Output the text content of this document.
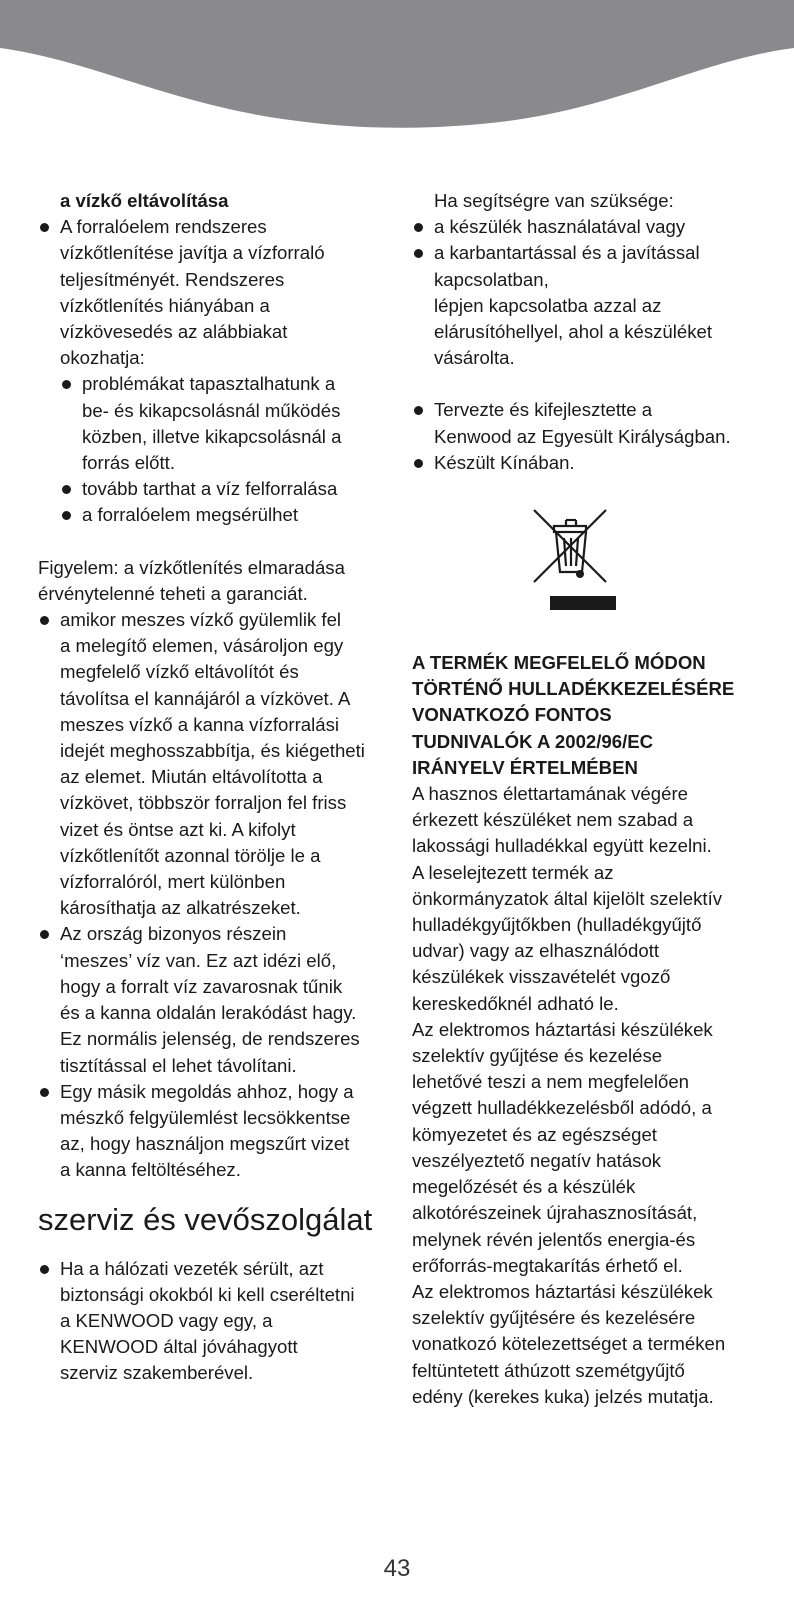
a vízkő eltávolítása

A forralóelem rendszeres
vízkőtlenítése javítja a vízforraló
teljesítményét. Rendszeres
vízkőtlenítés hiányában a
vízkövesedés az alábbiakat
okozhatja:
problémákat tapasztalhatunk a
be- és kikapcsolásnál működés
közben, illetve kikapcsolásnál a
forrás előtt.
tovább tarthat a víz felforralása
a forralóelem megsérülhet
Figyelem: a vízkőtlenítés elmaradása
érvénytelenné teheti a garanciát.
amikor meszes vízkő gyülemlik fel
a melegítő elemen, vásároljon egy
megfelelő vízkő eltávolítót és
távolítsa el kannájáról a vízkövet. A
meszes vízkő a kanna vízforralási
idejét meghosszabbítja, és kiégetheti
az elemet. Miután eltávolította a
vízkövet, többször forraljon fel friss
vizet és öntse azt ki. A kifolyt
vízkőtlenítőt azonnal törölje le a
vízforralóról, mert különben
károsíthatja az alkatrészeket.
Az ország bizonyos részein
‘meszes’ víz van. Ez azt idézi elő,
hogy a forralt víz zavarosnak tűnik
és a kanna oldalán lerakódást hagy.
Ez normális jelenség, de rendszeres
tisztítással el lehet távolítani.
Egy másik megoldás ahhoz, hogy a
mészkő felgyülemlést lecsökkentse
az, hogy használjon megszűrt vizet
a kanna feltöltéséhez.
szerviz és vevőszolgálat
Ha a hálózati vezeték sérült, azt
biztonsági okokból ki kell cseréltetni
a KENWOOD vagy egy, a
KENWOOD által jóváhagyott
szerviz szakemberével.

Ha segítségre van szüksége:

a készülék használatával vagy
a karbantartással és a javítással
kapcsolatban,
lépjen kapcsolatba azzal az
elárusítóhellyel, ahol a készüléket
vásárolta.
Tervezte és kifejlesztette a
Kenwood az Egyesült Királyságban.
Készült Kínában.
A TERMÉK MEGFELELŐ MÓDON
TÖRTÉNŐ HULLADÉKKEZELÉSÉRE
VONATKOZÓ FONTOS
TUDNIVALÓK A 2002/96/EC
IRÁNYELV ÉRTELMÉBEN
A hasznos élettartamának végére
érkezett készüléket nem szabad a
lakossági hulladékkal együtt kezelni.
A leselejtezett termék az
önkormányzatok által kijelölt szelektív
hulladékgyűjtőkben (hulladékgyűjtő
udvar) vagy az elhasználódott
készülékek visszavételét vgoző
kereskedőknél adható le.
Az elektromos háztartási készülékek
szelektív gyűjtése és kezelése
lehetővé teszi a nem megfelelően
végzett hulladékkezelésből adódó, a
kömyezetet és az egészséget
veszélyeztető negatív hatások
megelőzését és a készülék
alkotórészeinek újrahasznosítását,
melynek révén jelentős energia-és
erőforrás-megtakarítás érhető el.
Az elektromos háztartási készülékek
szelektív gyűjtésére és kezelésére
vonatkozó kötelezettséget a terméken
feltüntetett áthúzott szemétgyűjtő
edény (kerekes kuka) jelzés mutatja.
43
